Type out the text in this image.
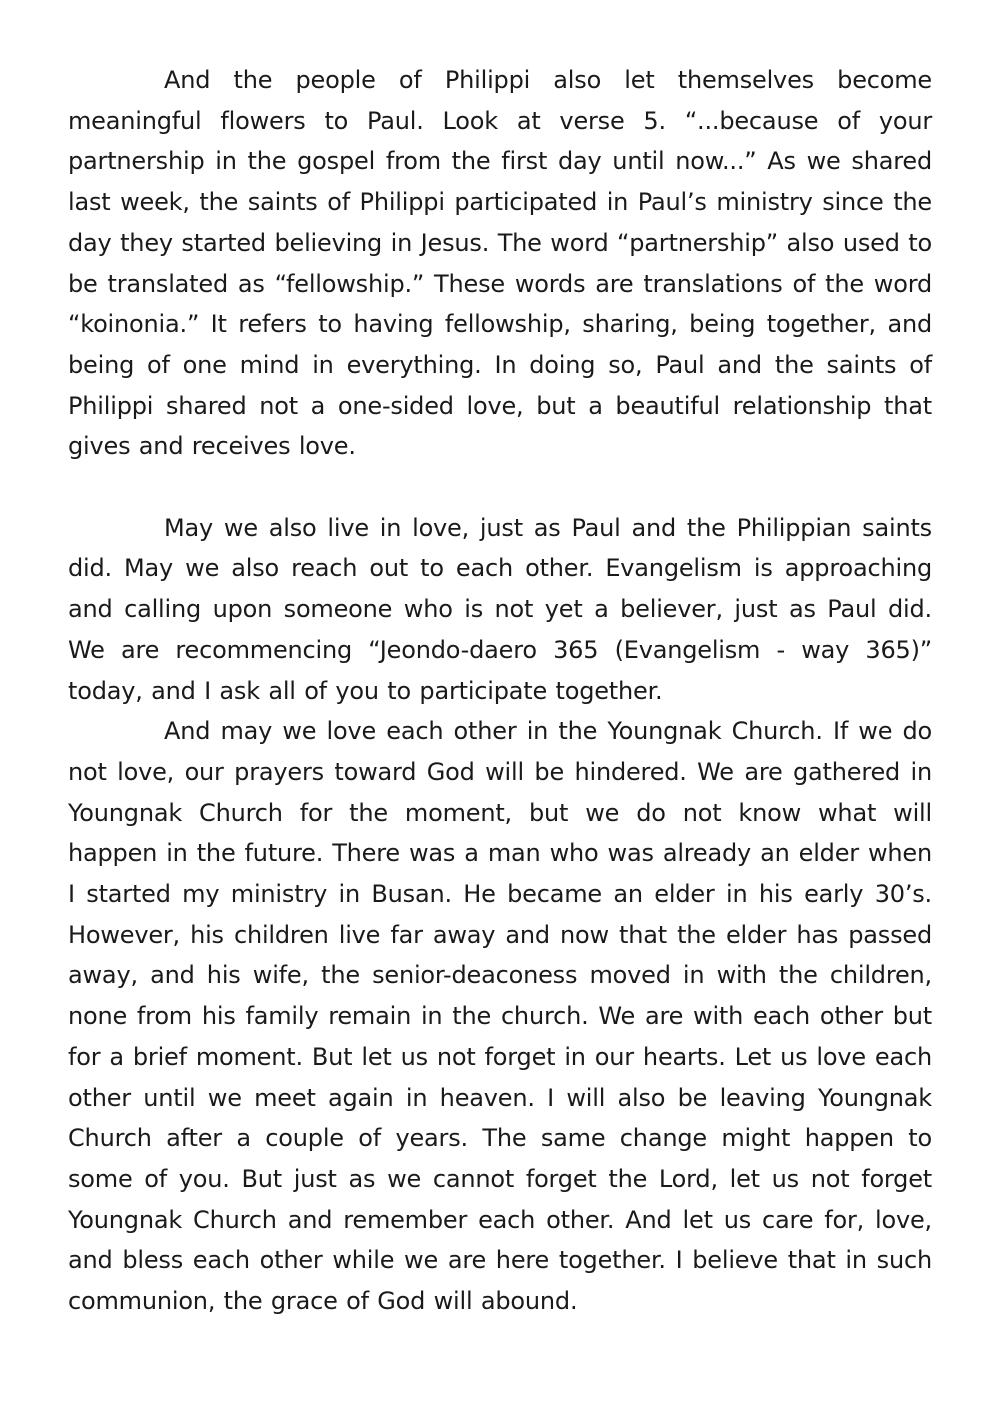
And the people of Philippi also let themselves become meaningful flowers to Paul. Look at verse 5. “...because of your partnership in the gospel from the first day until now...” As we shared last week, the saints of Philippi participated in Paul’s ministry since the day they started believing in Jesus. The word “partnership” also used to be translated as “fellowship.” These words are translations of the word “koinonia.” It refers to having fellowship, sharing, being together, and being of one mind in everything. In doing so, Paul and the saints of Philippi shared not a one-sided love, but a beautiful relationship that gives and receives love.

May we also live in love, just as Paul and the Philippian saints did. May we also reach out to each other. Evangelism is approaching and calling upon someone who is not yet a believer, just as Paul did. We are recommencing “Jeondo-daero 365 (Evangelism - way 365)” today, and I ask all of you to participate together.

And may we love each other in the Youngnak Church. If we do not love, our prayers toward God will be hindered. We are gathered in Youngnak Church for the moment, but we do not know what will happen in the future. There was a man who was already an elder when I started my ministry in Busan. He became an elder in his early 30’s. However, his children live far away and now that the elder has passed away, and his wife, the senior-deaconess moved in with the children, none from his family remain in the church. We are with each other but for a brief moment. But let us not forget in our hearts. Let us love each other until we meet again in heaven. I will also be leaving Youngnak Church after a couple of years. The same change might happen to some of you. But just as we cannot forget the Lord, let us not forget Youngnak Church and remember each other. And let us care for, love, and bless each other while we are here together. I believe that in such communion, the grace of God will abound.
